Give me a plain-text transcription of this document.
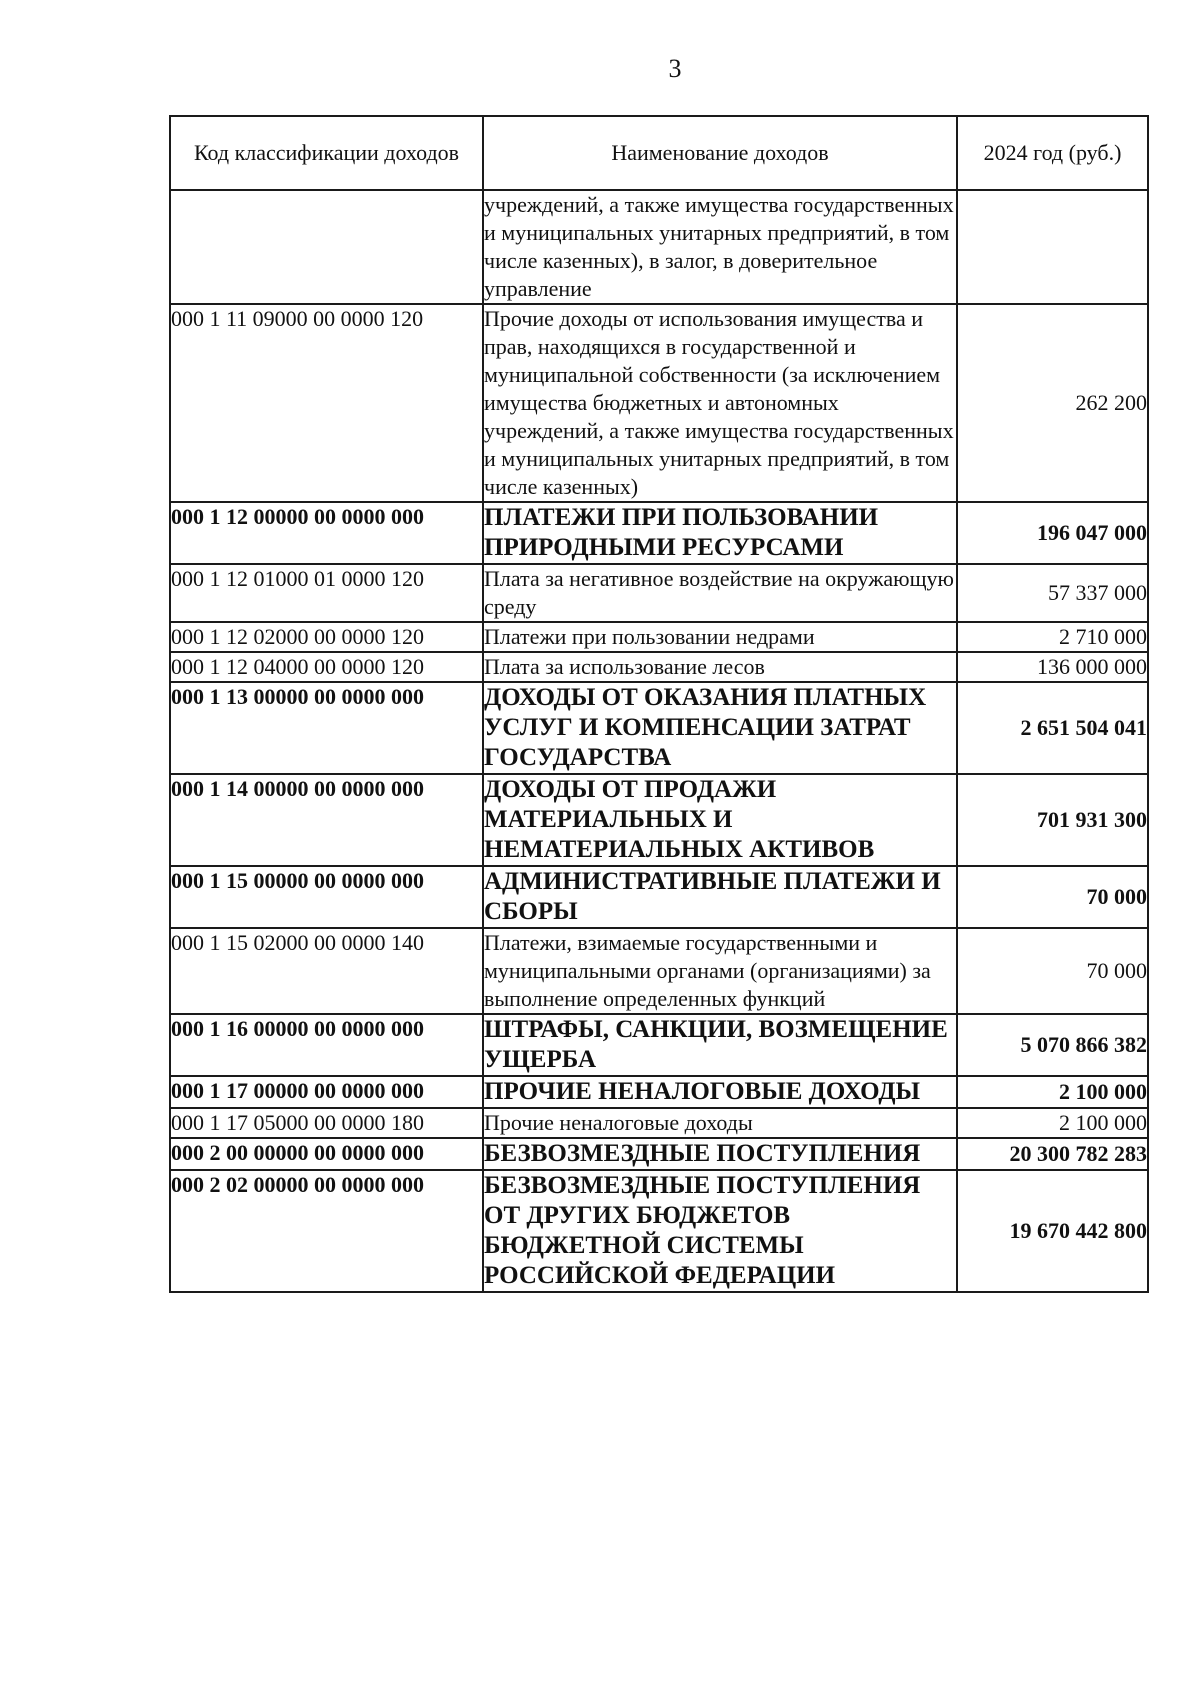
3
Код классификации доходов	Наименование доходов	2024 год (руб.)
	учреждений, а также имущества государственных и муниципальных унитарных предприятий, в том числе казенных), в залог, в доверительное управление	
000 1 11 09000 00 0000 120	Прочие доходы от использования имущества и прав, находящихся в государственной и муниципальной собственности (за исключением имущества бюджетных и автономных учреждений, а также имущества государственных и муниципальных унитарных предприятий, в том числе казенных)	262 200
000 1 12 00000 00 0000 000	ПЛАТЕЖИ ПРИ ПОЛЬЗОВАНИИ ПРИРОДНЫМИ РЕСУРСАМИ	196 047 000
000 1 12 01000 01 0000 120	Плата за негативное воздействие на окружающую среду	57 337 000
000 1 12 02000 00 0000 120	Платежи при пользовании недрами	2 710 000
000 1 12 04000 00 0000 120	Плата за использование лесов	136 000 000
000 1 13 00000 00 0000 000	ДОХОДЫ ОТ ОКАЗАНИЯ ПЛАТНЫХ УСЛУГ И КОМПЕНСАЦИИ ЗАТРАТ ГОСУДАРСТВА	2 651 504 041
000 1 14 00000 00 0000 000	ДОХОДЫ ОТ ПРОДАЖИ МАТЕРИАЛЬНЫХ И НЕМАТЕРИАЛЬНЫХ АКТИВОВ	701 931 300
000 1 15 00000 00 0000 000	АДМИНИСТРАТИВНЫЕ ПЛАТЕЖИ И СБОРЫ	70 000
000 1 15 02000 00 0000 140	Платежи, взимаемые государственными и муниципальными органами (организациями) за выполнение определенных функций	70 000
000 1 16 00000 00 0000 000	ШТРАФЫ, САНКЦИИ, ВОЗМЕЩЕНИЕ УЩЕРБА	5 070 866 382
000 1 17 00000 00 0000 000	ПРОЧИЕ НЕНАЛОГОВЫЕ ДОХОДЫ	2 100 000
000 1 17 05000 00 0000 180	Прочие неналоговые доходы	2 100 000
000 2 00 00000 00 0000 000	БЕЗВОЗМЕЗДНЫЕ ПОСТУПЛЕНИЯ	20 300 782 283
000 2 02 00000 00 0000 000	БЕЗВОЗМЕЗДНЫЕ ПОСТУПЛЕНИЯ ОТ ДРУГИХ БЮДЖЕТОВ БЮДЖЕТНОЙ СИСТЕМЫ РОССИЙСКОЙ ФЕДЕРАЦИИ	19 670 442 800
